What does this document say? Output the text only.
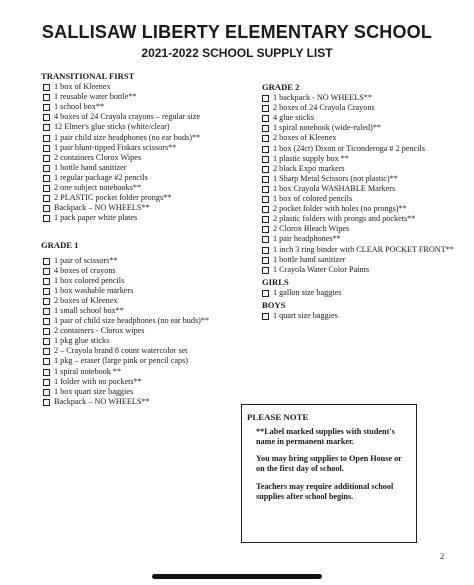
SALLISAW LIBERTY ELEMENTARY SCHOOL
2021-2022 SCHOOL SUPPLY LIST
TRANSITIONAL FIRST
1 box of Kleenex
1 reusable water bottle**
1 school box**
4 boxes of 24 Crayola crayons – regular size
12 Elmer's glue sticks (white/clear)
1 pair child size headphones (no ear buds)**
1 pair blunt-tipped Fiskars scissors**
2 containers Clorox Wipes
1 bottle hand sanitizer
1 regular package #2 pencils
2 one subject notebooks**
2 PLASTIC pocket folder prongs**
Backpack – NO WHEELS**
1 pack paper white plates
GRADE 1
1 pair of scissors**
4 boxes of crayons
1 box colored pencils
1 box washable markers
2 boxes of Kleenex
1 small school box**
1 pair of child size headphones (no ear buds)**
2 containers - Clorox wipes
1 pkg glue sticks
2 – Crayola brand 8 count watercolor set
1 pkg – eraser (large pink or pencil caps)
1 spiral notebook **
1 folder with no pockets**
1 box quart size baggies
Backpack – NO WHEELS**
GRADE 2
1 backpack - NO WHEELS**
2 boxes of 24 Crayola Crayons
4 glue sticks
1 spiral notebook (wide-ruled)**
2 boxes of Kleenex
1 box (24ct) Dixon or Ticonderoga # 2 pencils
1 plastic supply box **
2 black Expo markers
1 Sharp Metal Scissors (not plastic)**
1 box Crayola WASHABLE Markers
1 box of colored pencils
2 pocket folder with holes (no prongs)**
2 plastic folders with prongs and pockets**
2 Clorox Bleach Wipes
1 pair headphones**
1 inch 3 ring binder with CLEAR POCKET FRONT**
1 bottle hand sanitizer
1 Crayola Water Color Paints
GIRLS
1 gallon size baggies
BOYS
1 quart size baggies
PLEASE NOTE
**Label marked supplies with student's name in permanent marker.
You may bring supplies to Open House or on the first day of school.
Teachers may require additional school supplies after school begins.
2
